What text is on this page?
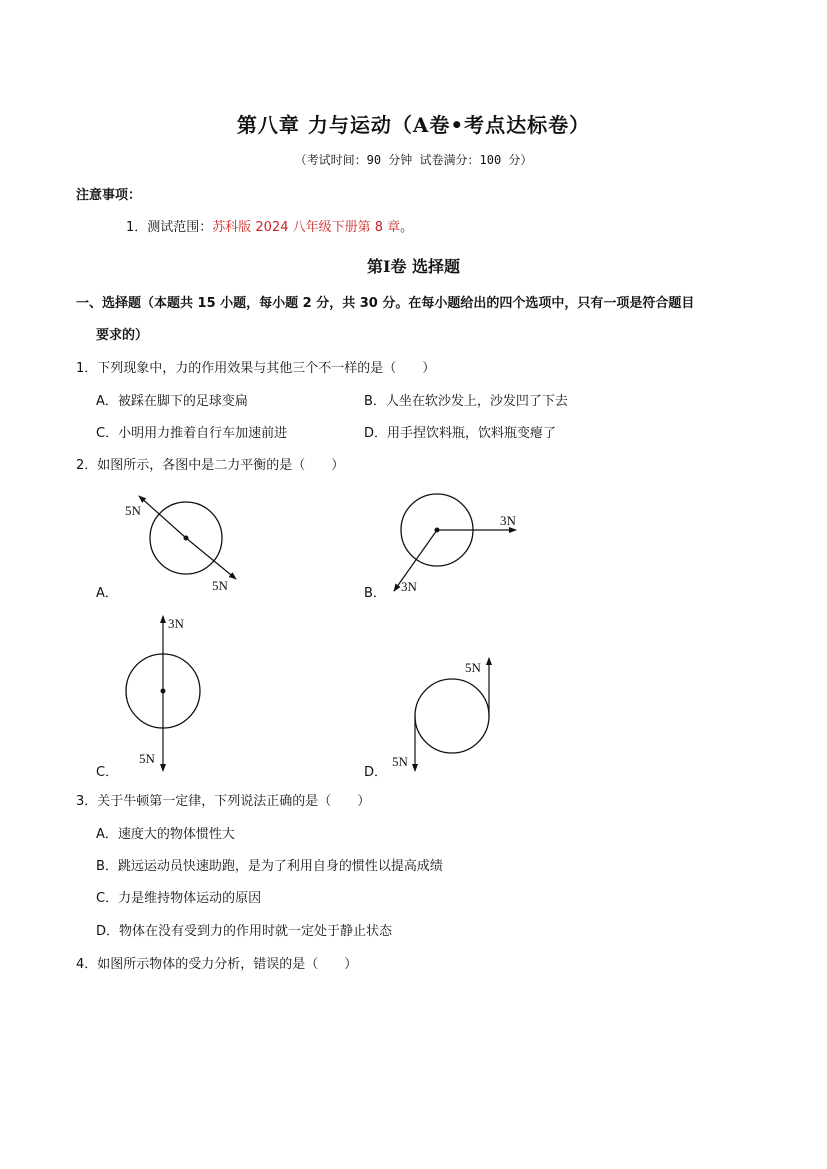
第八章 力与运动（A卷•考点达标卷）
（考试时间：90 分钟 试卷满分：100 分）
注意事项：
1．测试范围：苏科版 2024 八年级下册第 8 章。
第Ⅰ卷 选择题
一、选择题（本题共 15 小题，每小题 2 分，共 30 分。在每小题给出的四个选项中，只有一项是符合题目
要求的）
1．下列现象中，力的作用效果与其他三个不一样的是（　　）
A．被踩在脚下的足球变扁	B．人坐在软沙发上，沙发凹了下去
C．小明用力推着自行车加速前进	D．用手捏饮料瓶，饮料瓶变瘪了
2．如图所示，各图中是二力平衡的是（　　）
5N
5N
3N
3N
3N
5N
5N
5N
A．	B．
C．	D．
3．关于牛顿第一定律，下列说法正确的是（　　）
A．速度大的物体惯性大
B．跳远运动员快速助跑，是为了利用自身的惯性以提高成绩
C．力是维持物体运动的原因
D．物体在没有受到力的作用时就一定处于静止状态
4．如图所示物体的受力分析，错误的是（　　）
